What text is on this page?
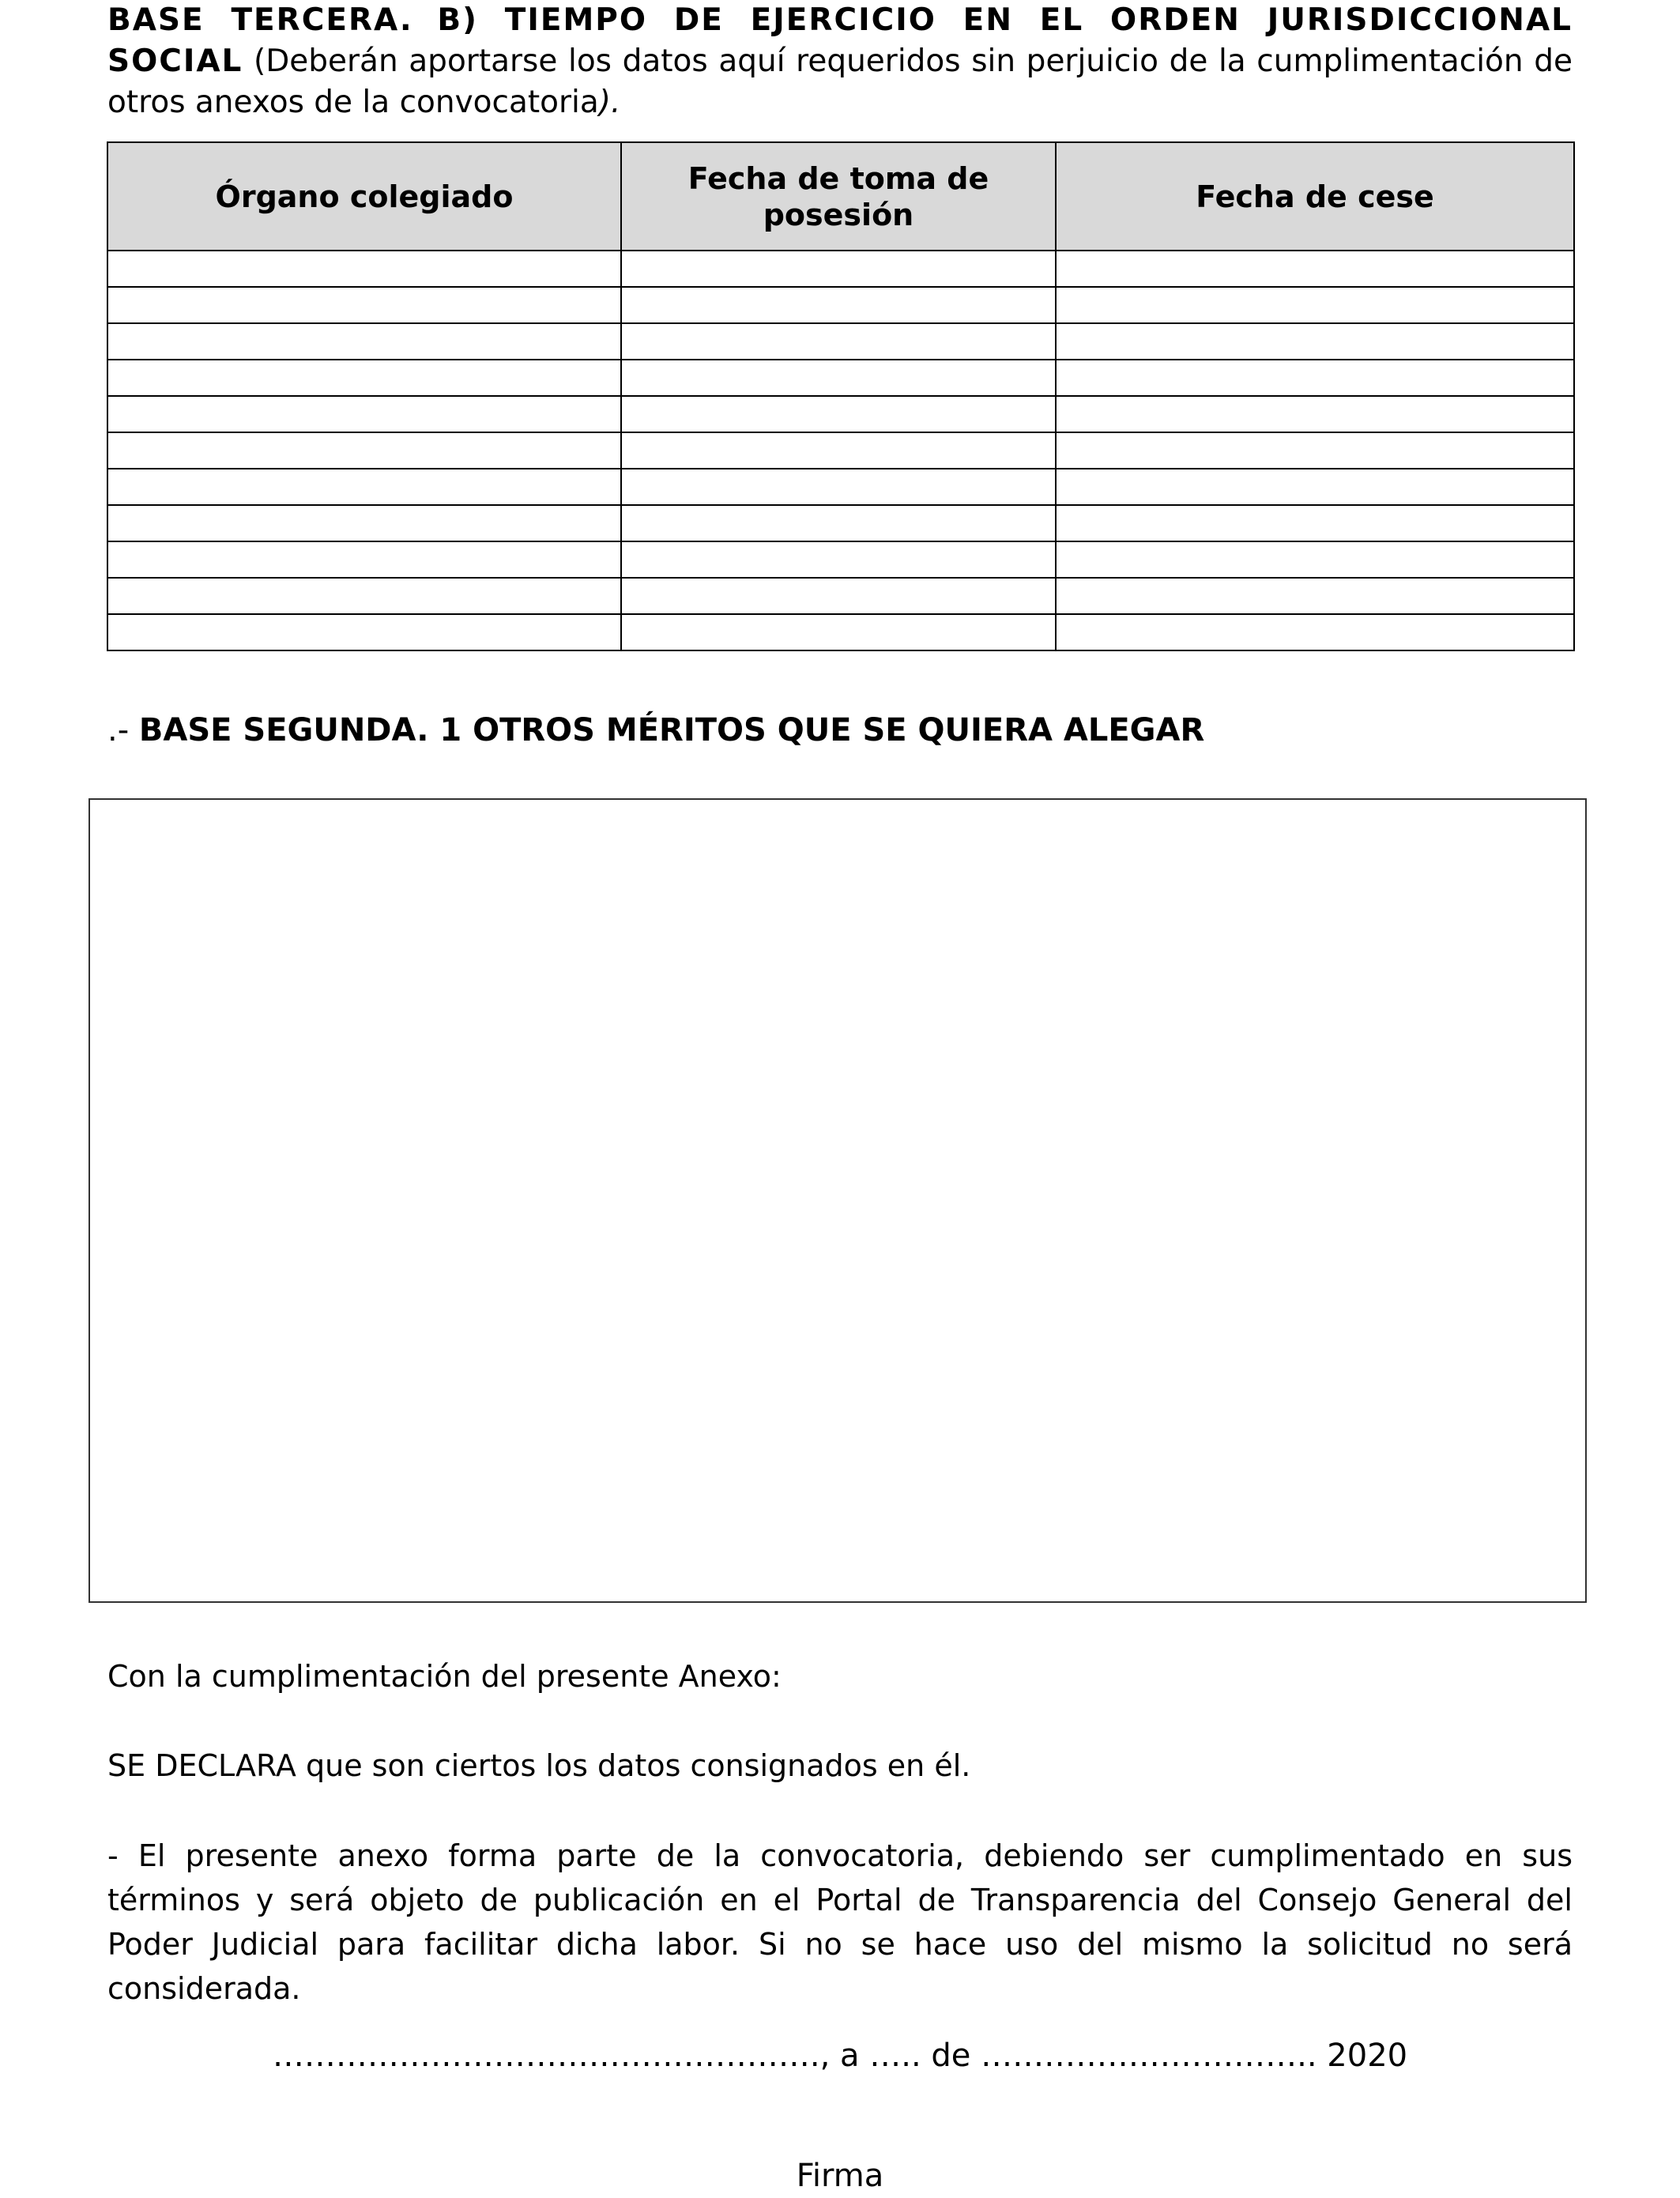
BASE TERCERA. B) TIEMPO DE EJERCICIO EN EL ORDEN JURISDICCIONAL SOCIAL (Deberán aportarse los datos aquí requeridos sin perjuicio de la cumplimentación de otros anexos de la convocatoria).

Órgano colegiado	Fecha de toma de posesión	Fecha de cese

.- BASE SEGUNDA. 1 OTROS MÉRITOS QUE SE QUIERA ALEGAR

Con la cumplimentación del presente Anexo:

SE DECLARA que son ciertos los datos consignados en él.

- El presente anexo forma parte de la convocatoria, debiendo ser cumplimentado en sus términos y será objeto de publicación en el Portal de Transparencia del Consejo General del Poder Judicial para facilitar dicha labor. Si no se hace uso del mismo la solicitud no será considerada.

……………………………………………., a ….. de ………………………….. 2020

Firma
